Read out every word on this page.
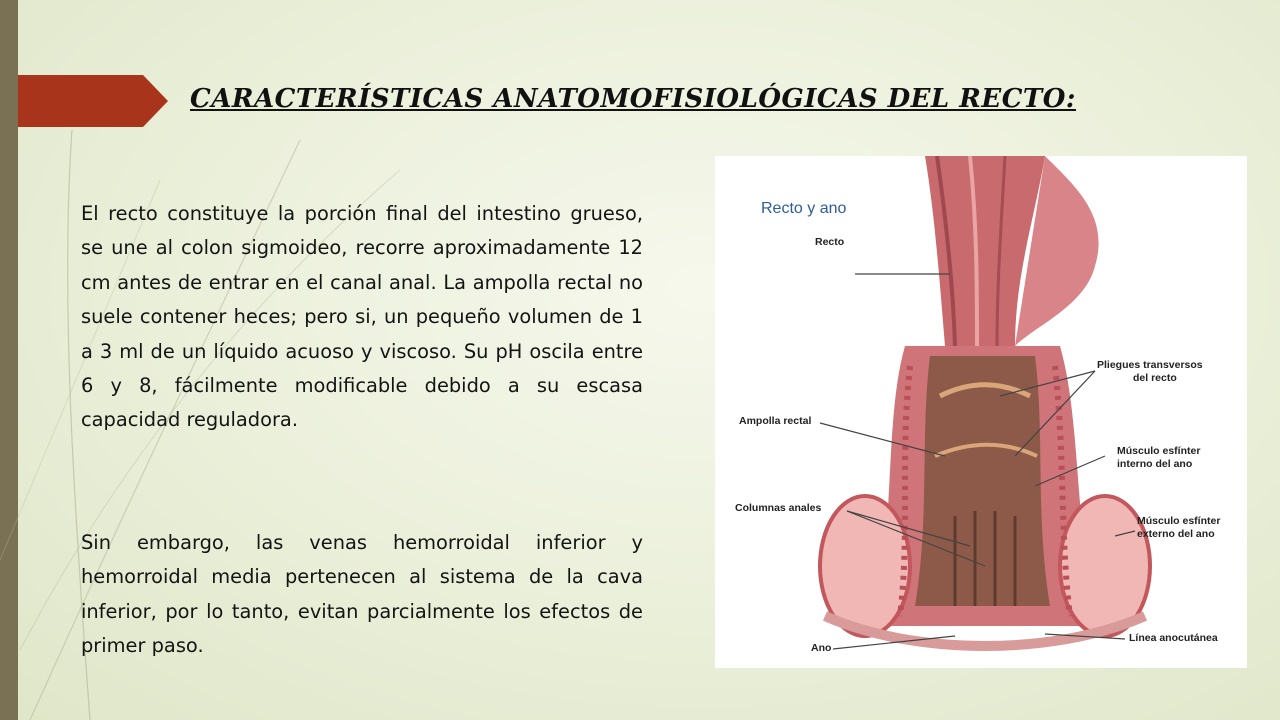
CARACTERÍSTICAS ANATOMOFISIOLÓGICAS DEL RECTO:

El recto constituye la porción final del intestino grueso, se une al colon sigmoideo, recorre aproximadamente 12 cm antes de entrar en el canal anal. La ampolla rectal no suele contener heces; pero si, un pequeño volumen de 1 a 3 ml de un líquido acuoso y viscoso. Su pH oscila entre 6 y 8, fácilmente modificable debido a su escasa capacidad reguladora.

Sin embargo, las venas hemorroidal inferior y hemorroidal media pertenecen al sistema de la cava inferior, por lo tanto, evitan parcialmente los efectos de primer paso.

Recto y ano
Recto
Pliegues transversos
del recto
Ampolla rectal
Músculo esfínter
interno del ano
Columnas anales
Músculo esfínter
externo del ano
Línea anocutánea
Ano
